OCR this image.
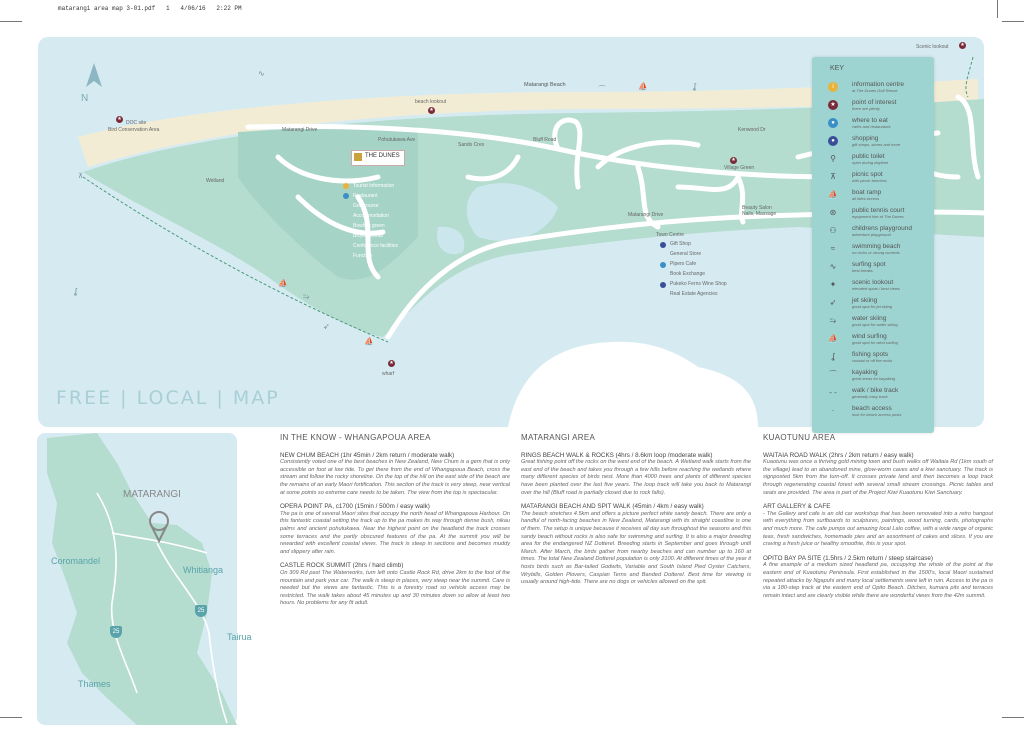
matarangi area map 3-01.pdf   1   4/06/16   2:22 PM
N
Matarangi Beach
DOC site
Bird Conservation Area
beach lookout
Wetland
Matarangi Drive
Matarangi Drive
Kenwood Dr
Pohutukawa Ave
Sands Cres
Bluff Road
THE DUNES
Tourist Information
Restaurant
Golf course
Accommodation
Bowling green
Bicycle rental
Conference facilities
Function
Village Green
Town Centre
Gift Shop
General Store
Pipers Cafe
Book Exchange
Pukeko Ferns Wine Shop
Real Estate Agencies
Beauty Salon
Nails, Massage
wharf
Scenic lookout
★
★
★
★
★
∿
⌒	⛵	ʆ
⛵
⥲
➶
⛵
⊼
ʆ
FREE | LOCAL | MAP
KEY
i	information centre
at The Dunes Golf Resort
★	point of interest
there are plenty
●	where to eat
cafes and restaurants
●	shopping
gift shops, stores and more
⚲	public toilet
open during daytime
⊼	picnic spot
with picnic benches
⛵ boat ramp
all tides access
⊛ public tennis court
equipment hire at The Dunes
⚇ childrens playground
adventure playground
≈	swimming beach
no rocks or strong currents
∿ surfing spot
best breaks
✦ scenic lookout
elevated spots / best views
➶ jet skiing
good spot for jet skiing
⥲ water skiing
good spot for water skiing
⛵ wind surfing
good spot for wind surfing
ʆ	fishing spots
coastal or off the rocks
⌒ kayaking
great areas for kayaking
- - walk / bike track
generally easy track
·	beach access
look for beach access posts
MATARANGI
Coromandel
Whitianga
Tairua
Thames
25
25
IN THE KNOW - WHANGAPOUA AREA
NEW CHUM BEACH (1hr 45min / 2km return / moderate walk)

Consistently voted one of the best beaches in New Zealand, New Chum is a gem that is only accessible on foot at low tide. To get there from the end of Whangapoua Beach, cross the stream and follow the rocky shoreline. On the top of the hill on the east side of the beach are the remains of an early Maori fortification. This section of the track is very steep, near vertical at some points so extreme care needs to be taken. The view from the top is spectacular.

OPERA POINT PA, c1700 (15min / 500m / easy walk)

The pa is one of several Maori sites that occupy the north head of Whangapoua Harbour. On this fantastic coastal setting the track up to the pa makes its way through dense bush, nikau palms and ancient pohutukawa. Near the highest point on the headland the track crosses some terraces and the partly obscured features of the pa. At the summit you will be rewarded with excellent coastal views. The track is steep in sections and becomes muddy and slippery after rain.

CASTLE ROCK SUMMIT (2hrs / hard climb)

On 309 Rd past The Waterworks, turn left onto Castle Rock Rd, drive 2km to the foot of the mountain and park your car. The walk is steep in places, very steep near the summit. Care is needed but the views are fantastic. This is a forestry road so vehicle access may be restricted. The walk takes about 45 minutes up and 30 minutes down so allow at least two hours. No problems for any fit adult.

MATARANGI AREA
RINGS BEACH WALK & ROCKS (4hrs / 8.6km loop /moderate walk)

Great fishing point off the rocks on the west end of the beach. A Wetland walk starts from the east end of the beach and takes you through a few hills before reaching the wetlands where many different species of birds nest. More than 4000 trees and plants of different species have been planted over the last five years. The loop track will take you back to Matarangi over the hill (Bluff road is partially closed due to rock falls).

MATARANGI BEACH AND SPIT WALK (45min / 4km / easy walk)

The beach stretches 4.5km and offers a picture perfect white sandy beach. There are only a handful of north-facing beaches in New Zealand, Matarangi with its straight coastline is one of them. The setup is unique because it receives all day sun throughout the seasons and this sandy beach without rocks is also safe for swimming and surfing. It is also a major breeding area for the endangered NZ Dotterel. Breeding starts in September and goes through until March. After March, the birds gather from nearby beaches and can number up to 160 at times. The total New Zealand Dotterel population is only 2100. At different times of the year it hosts birds such as Bar-tailed Godwits, Variable and South Island Pied Oyster Catchers, Wrybills, Golden Plovers, Caspian Terns and Banded Dotterel. Best time for viewing is usually around high-tide. There are no dogs or vehicles allowed on the spit.

KUAOTUNU AREA
WAITAIA ROAD WALK (2hrs / 2km return / easy walk)

Kuaotunu was once a thriving gold mining town and bush walks off Waitaia Rd (1km south of the village) lead to an abandoned mine, glow-worm caves and a kiwi sanctuary. The track is signposted 5km from the turn-off. It crosses private land and then becomes a loop track through regenerating coastal forest with several small stream crossings. Picnic tables and seats are provided. The area is part of the Project Kiwi Kuaotunu Kiwi Sanctuary.

ART GALLERY & CAFE

- The Gallery and cafe is an old car workshop that has been renovated into a retro hangout with everything from surfboards to sculptures, paintings, wood turning, cards, photographs and much more. The cafe pumps out amazing local Lalo coffee, with a wide range of organic teas, fresh sandwiches, homemade pies and an assortment of cakes and slices. If you are craving a fresh juice or healthy smoothie, this is your spot.

OPITO BAY PA SITE (1.5hrs / 2.5km return / steep staircase)

A fine example of a medium sized headland pa, occupying the whole of the point at the eastern end of Kuaotunu Peninsula. First established in the 1500's, local Maori sustained repeated attacks by Ngapuhi and many local settlements were left in ruin. Access to the pa is via a 180-step track at the eastern end of Opito Beach. Ditches, kumara pits and terraces remain intact and are clearly visible while there are wonderful views from the 42m summit.
